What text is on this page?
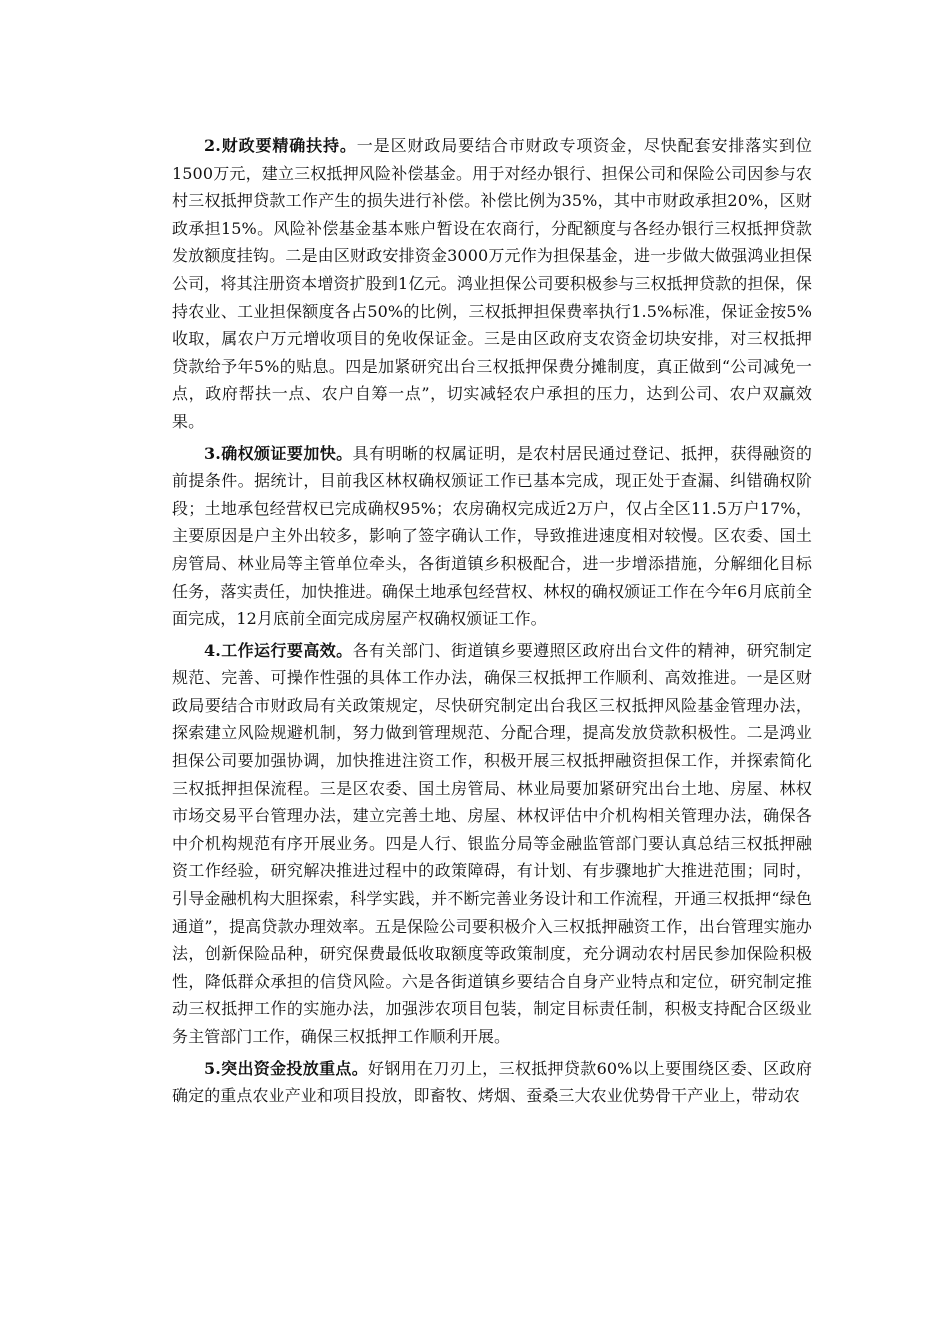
2.财政要精确扶持。一是区财政局要结合市财政专项资金，尽快配套安排落实到位1500万元，建立三权抵押风险补偿基金。用于对经办银行、担保公司和保险公司因参与农村三权抵押贷款工作产生的损失进行补偿。补偿比例为35%，其中市财政承担20%，区财政承担15%。风险补偿基金基本账户暂设在农商行，分配额度与各经办银行三权抵押贷款发放额度挂钩。二是由区财政安排资金3000万元作为担保基金，进一步做大做强鸿业担保公司，将其注册资本增资扩股到1亿元。鸿业担保公司要积极参与三权抵押贷款的担保，保持农业、工业担保额度各占50%的比例，三权抵押担保费率执行1.5%标准，保证金按5%收取，属农户万元增收项目的免收保证金。三是由区政府支农资金切块安排，对三权抵押贷款给予年5%的贴息。四是加紧研究出台三权抵押保费分摊制度，真正做到“公司减免一点，政府帮扶一点、农户自筹一点”，切实减轻农户承担的压力，达到公司、农户双赢效果。

3.确权颁证要加快。具有明晰的权属证明，是农村居民通过登记、抵押，获得融资的前提条件。据统计，目前我区林权确权颁证工作已基本完成，现正处于查漏、纠错确权阶段；土地承包经营权已完成确权95%；农房确权完成近2万户，仅占全区11.5万户17%，主要原因是户主外出较多，影响了签字确认工作，导致推进速度相对较慢。区农委、国土房管局、林业局等主管单位牵头，各街道镇乡积极配合，进一步增添措施，分解细化目标任务，落实责任，加快推进。确保土地承包经营权、林权的确权颁证工作在今年6月底前全面完成，12月底前全面完成房屋产权确权颁证工作。

4.工作运行要高效。各有关部门、街道镇乡要遵照区政府出台文件的精神，研究制定规范、完善、可操作性强的具体工作办法，确保三权抵押工作顺利、高效推进。一是区财政局要结合市财政局有关政策规定，尽快研究制定出台我区三权抵押风险基金管理办法，探索建立风险规避机制，努力做到管理规范、分配合理，提高发放贷款积极性。二是鸿业担保公司要加强协调，加快推进注资工作，积极开展三权抵押融资担保工作，并探索简化三权抵押担保流程。三是区农委、国土房管局、林业局要加紧研究出台土地、房屋、林权市场交易平台管理办法，建立完善土地、房屋、林权评估中介机构相关管理办法，确保各中介机构规范有序开展业务。四是人行、银监分局等金融监管部门要认真总结三权抵押融资工作经验，研究解决推进过程中的政策障碍，有计划、有步骤地扩大推进范围；同时，引导金融机构大胆探索，科学实践，并不断完善业务设计和工作流程，开通三权抵押“绿色通道”，提高贷款办理效率。五是保险公司要积极介入三权抵押融资工作，出台管理实施办法，创新保险品种，研究保费最低收取额度等政策制度，充分调动农村居民参加保险积极性，降低群众承担的信贷风险。六是各街道镇乡要结合自身产业特点和定位，研究制定推动三权抵押工作的实施办法，加强涉农项目包装，制定目标责任制，积极支持配合区级业务主管部门工作，确保三权抵押工作顺利开展。

5.突出资金投放重点。好钢用在刀刃上，三权抵押贷款60%以上要围绕区委、区政府确定的重点农业产业和项目投放，即畜牧、烤烟、蚕桑三大农业优势骨干产业上，带动农
